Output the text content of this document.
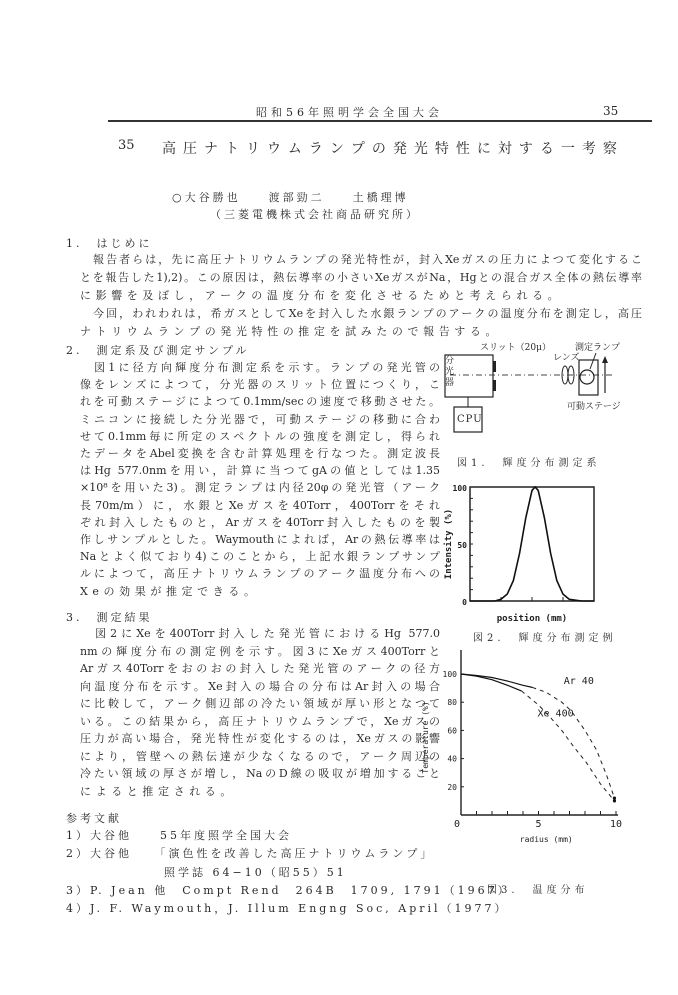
昭和56年照明学会全国大会	35
35 高圧ナトリウムランプの発光特性に対する一考察
○大谷勝也　　渡部勁二　　土橋理博
（三菱電機株式会社商品研究所）
1.　はじめに
2.　測定系及び測定サンプル
3.　測定結果
参考文献
　報告者らは，先に高圧ナトリウムランプの発光特性が，封入Xeガスの圧力によつて変化するこ
とを報告した1),2)。この原因は，熱伝導率の小さいXeガスがNa，Hgとの混合ガス全体の熱伝導率
に影響を及ぼし，アークの温度分布を変化させるためと考えられる。
　今回，われわれは，希ガスとしてXeを封入した水銀ランプのアークの温度分布を測定し，高圧
ナトリウムランプの発光特性の推定を試みたので報告する。
　図1に径方向輝度分布測定系を示す。ランプの発光管の
像をレンズによつて，分光器のスリット位置につくり，こ
れを可動ステージによつて0.1mm/secの速度で移動させた。
ミニコンに接続した分光器で，可動ステージの移動に合わ
せて0.1mm毎に所定のスペクトルの強度を測定し，得られ
たデータをAbel変換を含む計算処理を行なつた。測定波長
はHg 577.0nmを用い，計算に当つてgAの値としては1.35
×10⁸を用いた3)。測定ランプは内径20φの発光管（アーク
長70m/m）に，水銀とXeガスを40Torr，400Torrをそれ
ぞれ封入したものと，Arガスを40Torr封入したものを製
作しサンプルとした。Waymouthによれば，Arの熱伝導率は
Naとよく似ており4)このことから，上記水銀ランプサンプ
ルによつて，高圧ナトリウムランプのアーク温度分布への
Xeの効果が推定できる。
　図2にXeを400Torr封入した発光管におけるHg 577.0
nmの輝度分布の測定例を示す。図3にXeガス400Torrと
Arガス40Torrをおのおの封入した発光管のアークの径方
向温度分布を示す。Xe封入の場合の分布はAr封入の場合
に比較して，アーク側辺部の冷たい領域が厚い形となつて
いる。この結果から，高圧ナトリウムランプで，Xeガスの
圧力が高い場合，発光特性が変化するのは，Xeガスの影響
により，管壁への熱伝達が少なくなるので，アーク周辺の
冷たい領域の厚さが増し，NaのD線の吸収が増加すること
によると推定される。
1）大谷他　　55年度照学全国大会
2）大谷他　　「演色性を改善した高圧ナトリウムランプ」
　　　　　　　照学誌 64−10（昭55）51
3）P. Jean 他　Compt Rend　264B　1709, 1791（1967）
4）J. F. Waymouth，J. Illum Engng Soc, April（1977）
分光器
スリット（20μ）
レンズ
測定ランプ
可動ステージ
CPU
図1.　輝度分布測定系
0
50
100
position (mm)
Intensity (%)
図2.　輝度分布測定例
20
40
60
80
100
0	5	10
radius (mm)
Temperature (%)
Ar 40
Xe 400
図3.　温度分布
